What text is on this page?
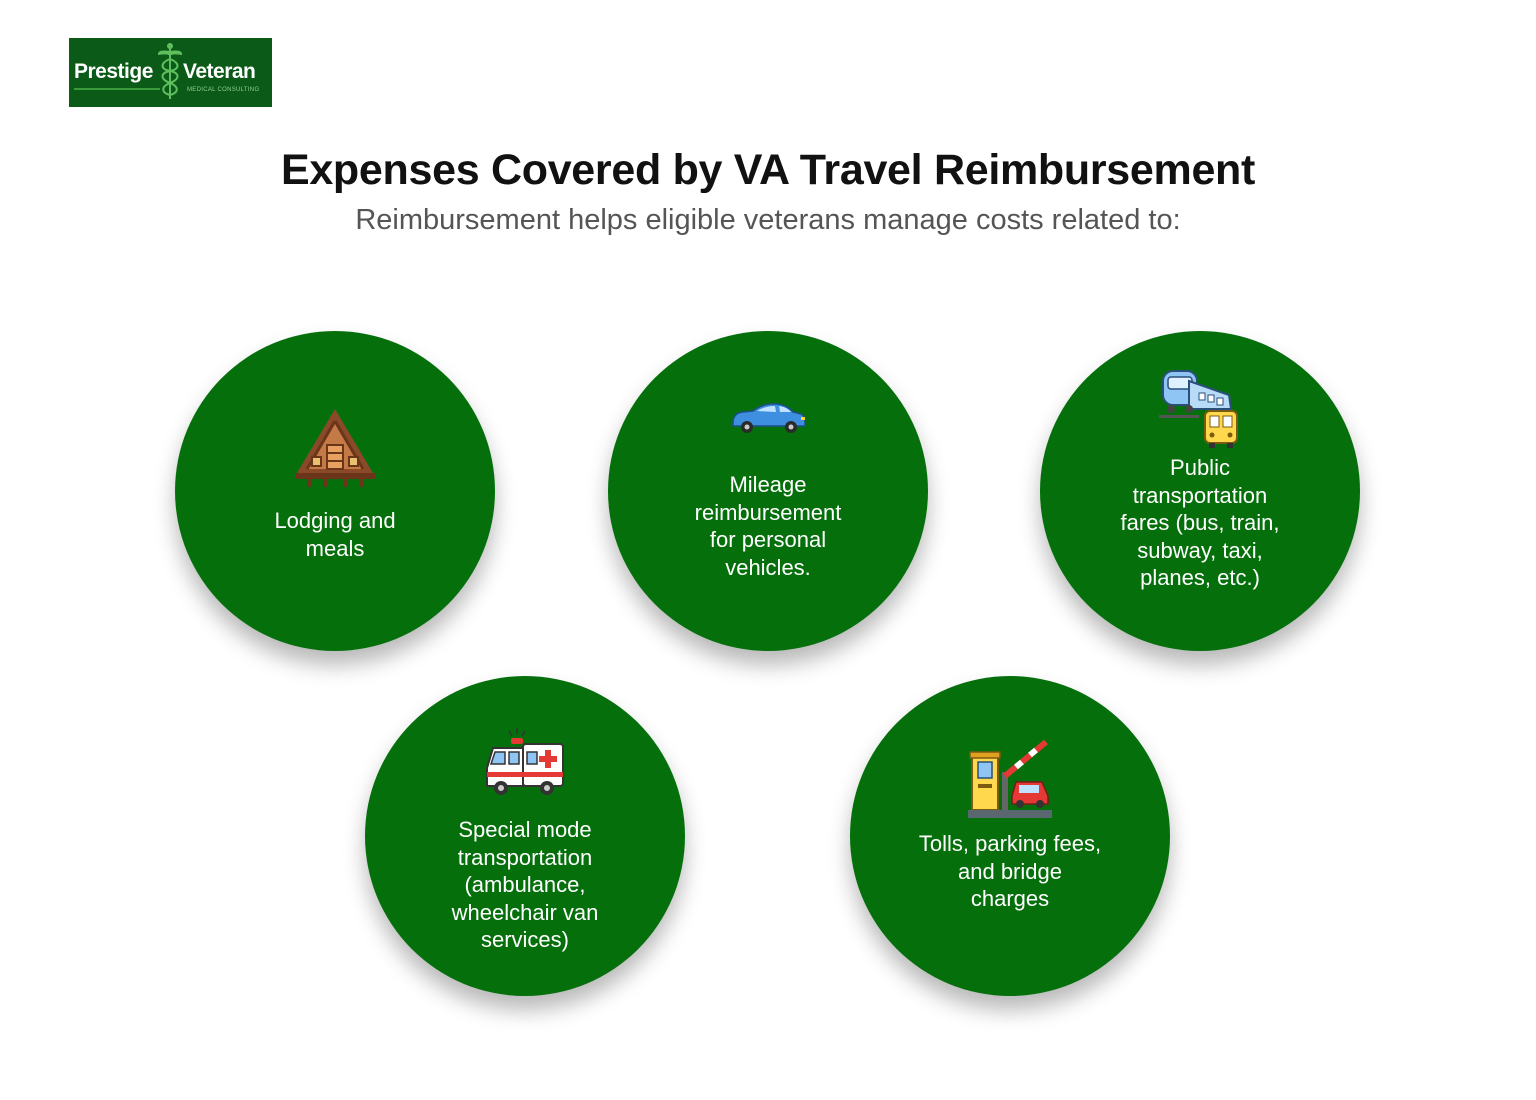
Prestige Veteran
MEDICAL CONSULTING
Expenses Covered by VA Travel Reimbursement
Reimbursement helps eligible veterans manage costs related to:
Lodging and
meals
Mileage
reimbursement
for personal
vehicles.
Public
transportation
fares (bus, train,
subway, taxi,
planes, etc.)
Special mode
transportation
(ambulance,
wheelchair van
services)
Tolls, parking fees,
and bridge
charges
